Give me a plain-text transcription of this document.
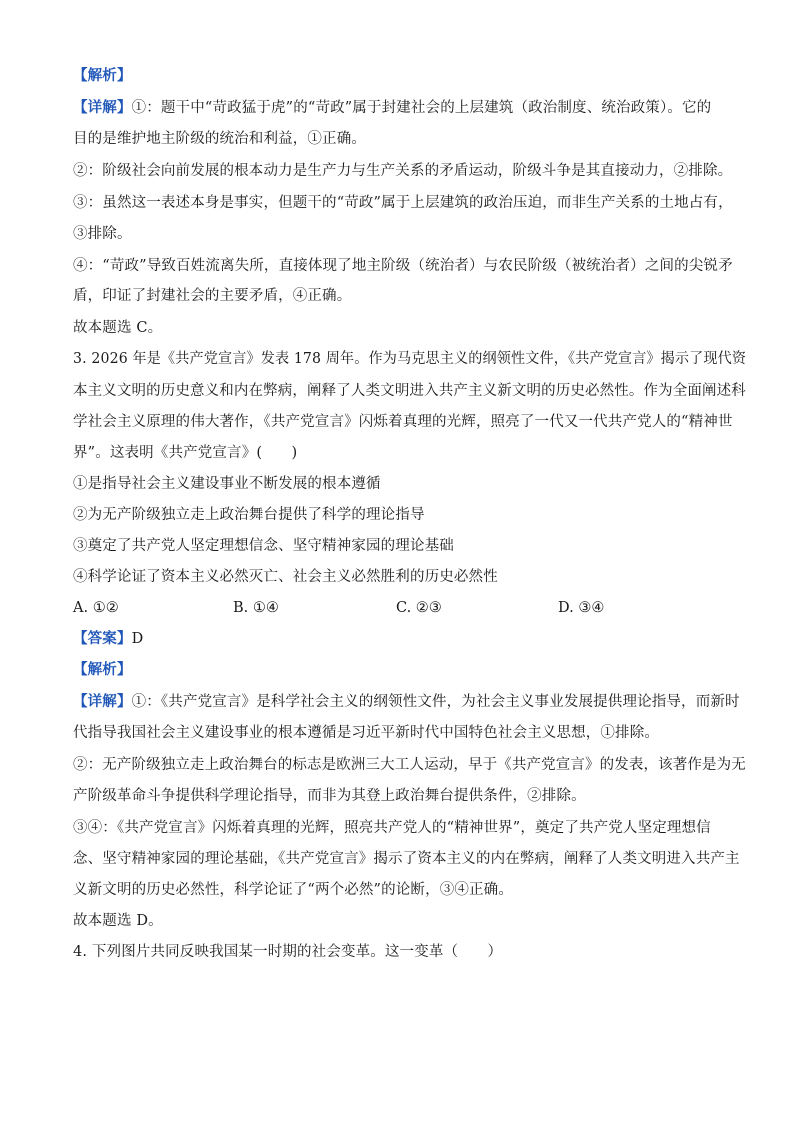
【解析】
【详解】①：题干中“苛政猛于虎”的“苛政”属于封建社会的上层建筑（政治制度、统治政策）。它的
目的是维护地主阶级的统治和利益，①正确。
②：阶级社会向前发展的根本动力是生产力与生产关系的矛盾运动，阶级斗争是其直接动力，②排除。
③：虽然这一表述本身是事实，但题干的“苛政”属于上层建筑的政治压迫，而非生产关系的土地占有，
③排除。
④：“苛政”导致百姓流离失所，直接体现了地主阶级（统治者）与农民阶级（被统治者）之间的尖锐矛
盾，印证了封建社会的主要矛盾，④正确。
故本题选 C。
3. 2026 年是《共产党宣言》发表 178 周年。作为马克思主义的纲领性文件，《共产党宣言》揭示了现代资
本主义文明的历史意义和内在弊病，阐释了人类文明进入共产主义新文明的历史必然性。作为全面阐述科
学社会主义原理的伟大著作，《共产党宣言》闪烁着真理的光辉，照亮了一代又一代共产党人的“精神世
界”。这表明《共产党宣言》(　　)
①是指导社会主义建设事业不断发展的根本遵循
②为无产阶级独立走上政治舞台提供了科学的理论指导
③奠定了共产党人坚定理想信念、坚守精神家园的理论基础
④科学论证了资本主义必然灭亡、社会主义必然胜利的历史必然性
A. ①②	B. ①④	C. ②③	D. ③④
【答案】D
【解析】
【详解】①：《共产党宣言》是科学社会主义的纲领性文件，为社会主义事业发展提供理论指导，而新时
代指导我国社会主义建设事业的根本遵循是习近平新时代中国特色社会主义思想，①排除。
②：无产阶级独立走上政治舞台的标志是欧洲三大工人运动，早于《共产党宣言》的发表，该著作是为无
产阶级革命斗争提供科学理论指导，而非为其登上政治舞台提供条件，②排除。
③④：《共产党宣言》闪烁着真理的光辉，照亮共产党人的“精神世界”，奠定了共产党人坚定理想信
念、坚守精神家园的理论基础，《共产党宣言》揭示了资本主义的内在弊病，阐释了人类文明进入共产主
义新文明的历史必然性，科学论证了“两个必然”的论断，③④正确。
故本题选 D。
4. 下列图片共同反映我国某一时期的社会变革。这一变革（　　）
